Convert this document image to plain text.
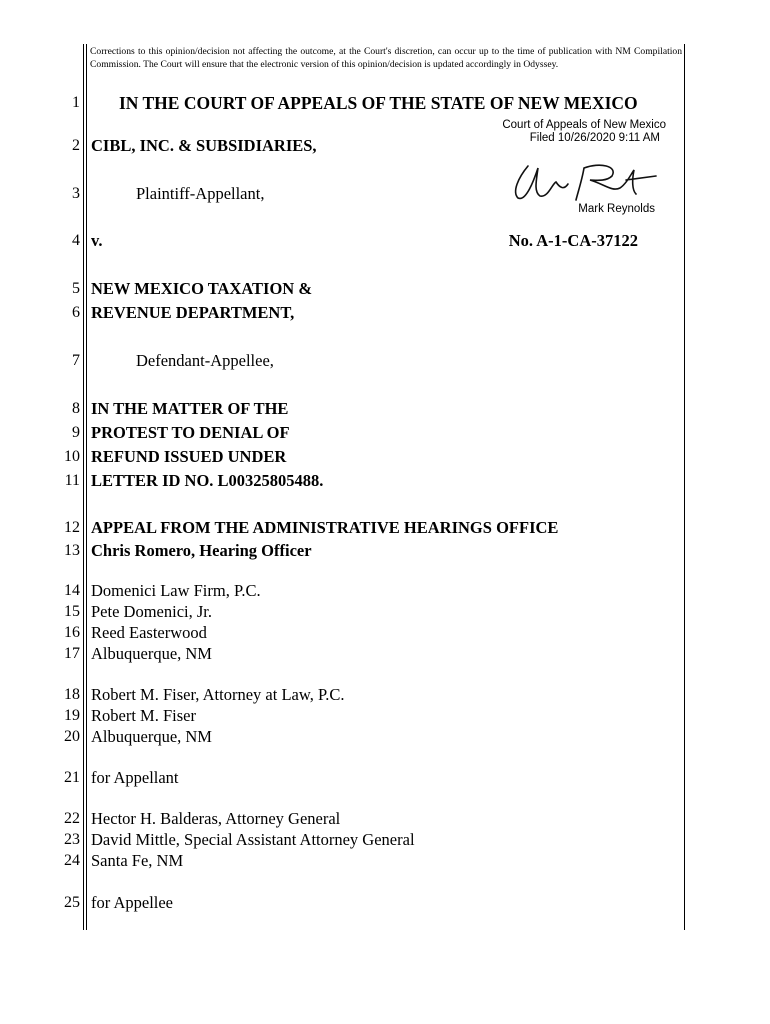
Corrections to this opinion/decision not affecting the outcome, at the Court's discretion, can occur up to the time of publication with NM Compilation Commission. The Court will ensure that the electronic version of this opinion/decision is updated accordingly in Odyssey.
Court of Appeals of New Mexico
Filed 10/26/2020 9:11 AM
Mark Reynolds
1
2
3
4
5
6
7
8
9
10
11
12
13
14
15
16
17
18
19
20
21
22
23
24
25
IN THE COURT OF APPEALS OF THE STATE OF NEW MEXICO
CIBL, INC. & SUBSIDIARIES,
Plaintiff-Appellant,
v.	No. A-1-CA-37122
NEW MEXICO TAXATION &
REVENUE DEPARTMENT,
Defendant-Appellee,
IN THE MATTER OF THE
PROTEST TO DENIAL OF
REFUND ISSUED UNDER
LETTER ID NO. L00325805488.
APPEAL FROM THE ADMINISTRATIVE HEARINGS OFFICE
Chris Romero, Hearing Officer
Domenici Law Firm, P.C.
Pete Domenici, Jr.
Reed Easterwood
Albuquerque, NM
Robert M. Fiser, Attorney at Law, P.C.
Robert M. Fiser
Albuquerque, NM
for Appellant
Hector H. Balderas, Attorney General
David Mittle, Special Assistant Attorney General
Santa Fe, NM
for Appellee
